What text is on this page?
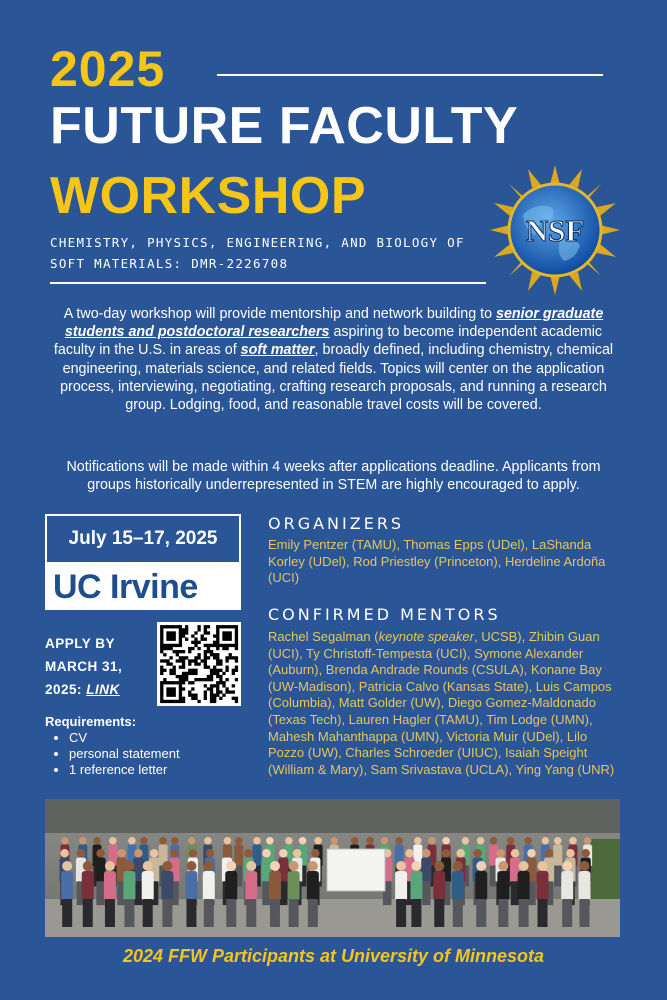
2025
FUTURE FACULTY
WORKSHOP
CHEMISTRY, PHYSICS, ENGINEERING, AND BIOLOGY OF
SOFT MATERIALS: DMR-2226708
NSF
A two-day workshop will provide mentorship and network building to senior graduate students and postdoctoral researchers aspiring to become independent academic faculty in the U.S. in areas of soft matter, broadly defined, including chemistry, chemical engineering, materials science, and related fields. Topics will center on the application process, interviewing, negotiating, crafting research proposals, and running a research group. Lodging, food, and reasonable travel costs will be covered.
Notifications will be made within 4 weeks after applications deadline. Applicants from groups historically underrepresented in STEM are highly encouraged to apply.
July 15–17, 2025
UC Irvine
APPLY BY
MARCH 31,
2025: LINK
Requirements:
• CV
• personal statement
• 1 reference letter
ORGANIZERS
Emily Pentzer (TAMU), Thomas Epps (UDel), LaShanda Korley (UDel), Rod Priestley (Princeton), Herdeline Ardoña (UCI)
CONFIRMED MENTORS
Rachel Segalman (keynote speaker, UCSB), Zhibin Guan (UCI), Ty Christoff-Tempesta (UCI), Symone Alexander (Auburn), Brenda Andrade Rounds (CSULA), Konane Bay (UW-Madison), Patricia Calvo (Kansas State), Luis Campos (Columbia), Matt Golder (UW), Diego Gomez-Maldonado (Texas Tech), Lauren Hagler (TAMU), Tim Lodge (UMN), Mahesh Mahanthappa (UMN), Victoria Muir (UDel), Lilo Pozzo (UW), Charles Schroeder (UIUC), Isaiah Speight (William & Mary), Sam Srivastava (UCLA), Ying Yang (UNR)
2024 FFW Participants at University of Minnesota
